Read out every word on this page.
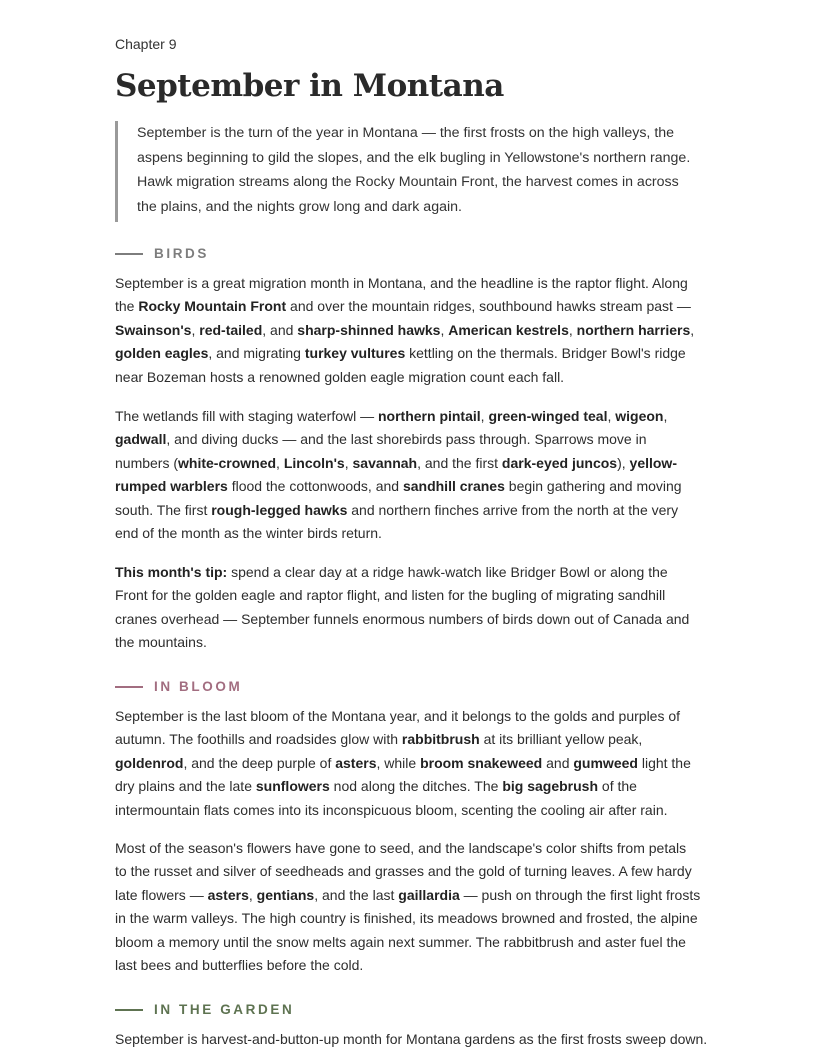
Chapter 9
September in Montana
September is the turn of the year in Montana — the first frosts on the high valleys, the aspens beginning to gild the slopes, and the elk bugling in Yellowstone's northern range. Hawk migration streams along the Rocky Mountain Front, the harvest comes in across the plains, and the nights grow long and dark again.
BIRDS

September is a great migration month in Montana, and the headline is the raptor flight. Along the Rocky Mountain Front and over the mountain ridges, southbound hawks stream past — Swainson's, red-tailed, and sharp-shinned hawks, American kestrels, northern harriers, golden eagles, and migrating turkey vultures kettling on the thermals. Bridger Bowl's ridge near Bozeman hosts a renowned golden eagle migration count each fall.

The wetlands fill with staging waterfowl — northern pintail, green-winged teal, wigeon, gadwall, and diving ducks — and the last shorebirds pass through. Sparrows move in numbers (white-crowned, Lincoln's, savannah, and the first dark-eyed juncos), yellow-rumped warblers flood the cottonwoods, and sandhill cranes begin gathering and moving south. The first rough-legged hawks and northern finches arrive from the north at the very end of the month as the winter birds return.

This month's tip: spend a clear day at a ridge hawk-watch like Bridger Bowl or along the Front for the golden eagle and raptor flight, and listen for the bugling of migrating sandhill cranes overhead — September funnels enormous numbers of birds down out of Canada and the mountains.

IN BLOOM

September is the last bloom of the Montana year, and it belongs to the golds and purples of autumn. The foothills and roadsides glow with rabbitbrush at its brilliant yellow peak, goldenrod, and the deep purple of asters, while broom snakeweed and gumweed light the dry plains and the late sunflowers nod along the ditches. The big sagebrush of the intermountain flats comes into its inconspicuous bloom, scenting the cooling air after rain.

Most of the season's flowers have gone to seed, and the landscape's color shifts from petals to the russet and silver of seedheads and grasses and the gold of turning leaves. A few hardy late flowers — asters, gentians, and the last gaillardia — push on through the first light frosts in the warm valleys. The high country is finished, its meadows browned and frosted, the alpine bloom a memory until the snow melts again next summer. The rabbitbrush and aster fuel the last bees and butterflies before the cold.

IN THE GARDEN

September is harvest-and-button-up month for Montana gardens as the first frosts sweep down.
